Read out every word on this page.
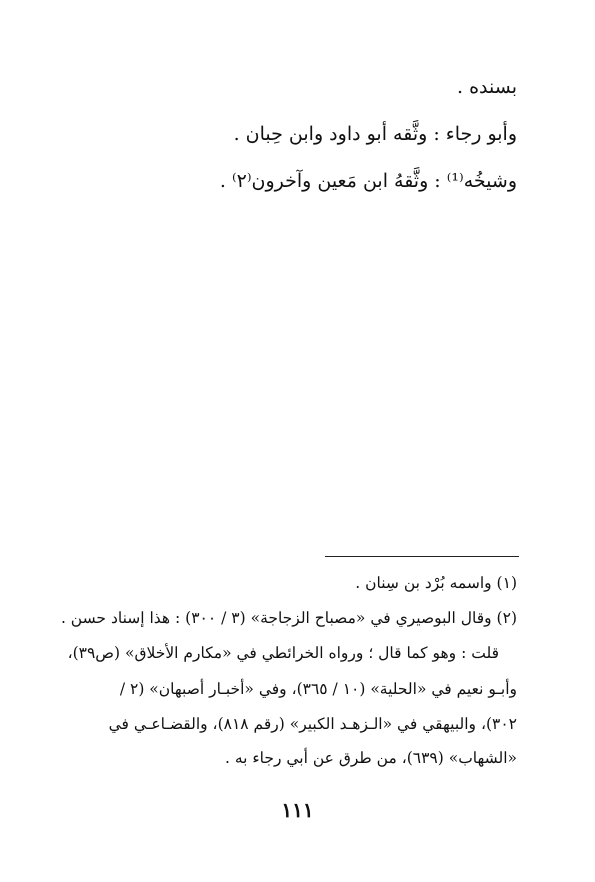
بسنده .
وأبو رجاء : وثَّقه أبو داود وابن حِبان .
وشيخُه⁽¹⁾ : وثَّقهُ ابن مَعين وآخرون⁽٢⁾ .
(١) واسمه بُرْد بن سِنان .
(٢) وقال البوصيري في «مصباح الزجاجة» (٣ / ٣٠٠) : هذا إسناد حسن .
قلت : وهو كما قال ؛ ورواه الخرائطي في «مكارم الأخلاق» (ص٣٩)،
وأبـو نعيم في «الحلية» (١٠ / ٣٦٥)، وفي «أخبـار أصبهان» (٢ /
٣٠٢)، والبيهقي في «الـزهـد الكبير» (رقم ٨١٨)، والقضـاعـي في
«الشهاب» (٦٣٩)، من طرق عن أبي رجاء به .
١١١
